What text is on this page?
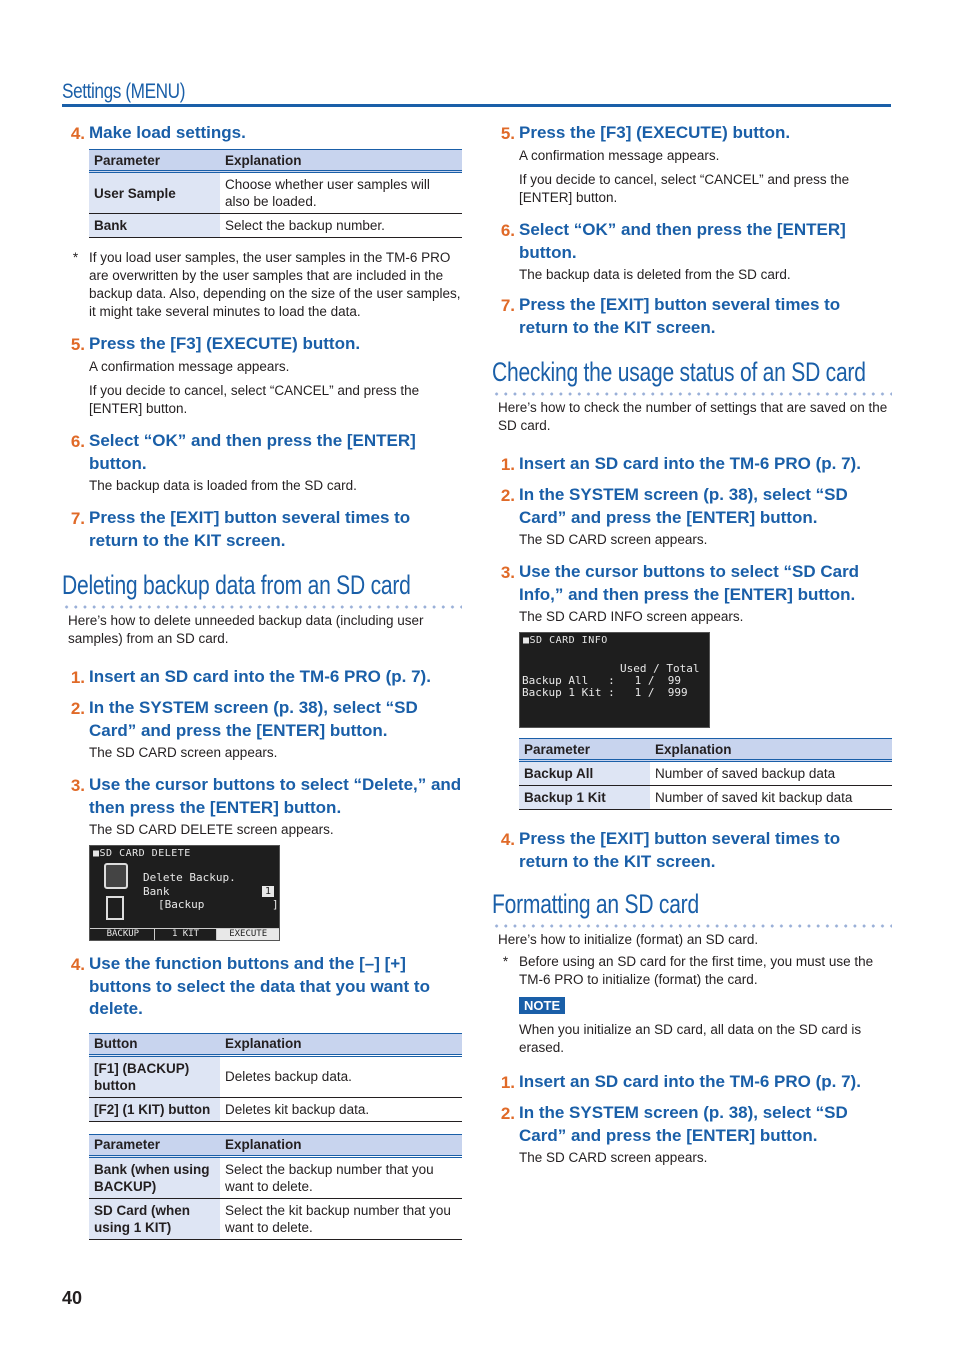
Settings (MENU)
4. Make load settings.
Parameter	Explanation
User Sample	Choose whether user samples will also be loaded.
Bank	Select the backup number.
* If you load user samples, the user samples in the TM-6 PRO are overwritten by the user samples that are included in the backup data. Also, depending on the size of the user samples, it might take several minutes to load the data.
5. Press the [F3] (EXECUTE) button.
A confirmation message appears.
If you decide to cancel, select “CANCEL” and press the [ENTER] button.
6. Select “OK” and then press the [ENTER] button.
The backup data is loaded from the SD card.
7. Press the [EXIT] button several times to return to the KIT screen.
Deleting backup data from an SD card
Here’s how to delete unneeded backup data (including user samples) from an SD card.
1. Insert an SD card into the TM-6 PRO (p. 7).
2. In the SYSTEM screen (p. 38), select “SD Card” and press the [ENTER] button.
The SD CARD screen appears.
3. Use the cursor buttons to select “Delete,” and then press the [ENTER] button.
The SD CARD DELETE screen appears.
■SD CARD DELETE
Delete Backup.
Bank
[Backup	]
1
BACKUP	1 KIT	EXECUTE
4. Use the function buttons and the [–] [+] buttons to select the data that you want to delete.
Button	Explanation
[F1] (BACKUP) button	Deletes backup data.
[F2] (1 KIT) button	Deletes kit backup data.
Parameter	Explanation
Bank (when using BACKUP)	Select the backup number that you want to delete.
SD Card (when using 1 KIT)	Select the kit backup number that you want to delete.
5. Press the [F3] (EXECUTE) button.
A confirmation message appears.
If you decide to cancel, select “CANCEL” and press the [ENTER] button.
6. Select “OK” and then press the [ENTER] button.
The backup data is deleted from the SD card.
7. Press the [EXIT] button several times to return to the KIT screen.
Checking the usage status of an SD card
Here’s how to check the number of settings that are saved on the SD card.
1. Insert an SD card into the TM-6 PRO (p. 7).
2. In the SYSTEM screen (p. 38), select “SD Card” and press the [ENTER] button.
The SD CARD screen appears.
3. Use the cursor buttons to select “SD Card Info,” and then press the [ENTER] button.
The SD CARD INFO screen appears.
■SD CARD INFO
Used / Total
Backup All   :   1 /  99
Backup 1 Kit :   1 /  999
Parameter	Explanation
Backup All	Number of saved backup data
Backup 1 Kit	Number of saved kit backup data
4. Press the [EXIT] button several times to return to the KIT screen.
Formatting an SD card
Here’s how to initialize (format) an SD card.
* Before using an SD card for the first time, you must use the TM-6 PRO to initialize (format) the card.
NOTE
When you initialize an SD card, all data on the SD card is erased.
1. Insert an SD card into the TM-6 PRO (p. 7).
2. In the SYSTEM screen (p. 38), select “SD Card” and press the [ENTER] button.
The SD CARD screen appears.
40
